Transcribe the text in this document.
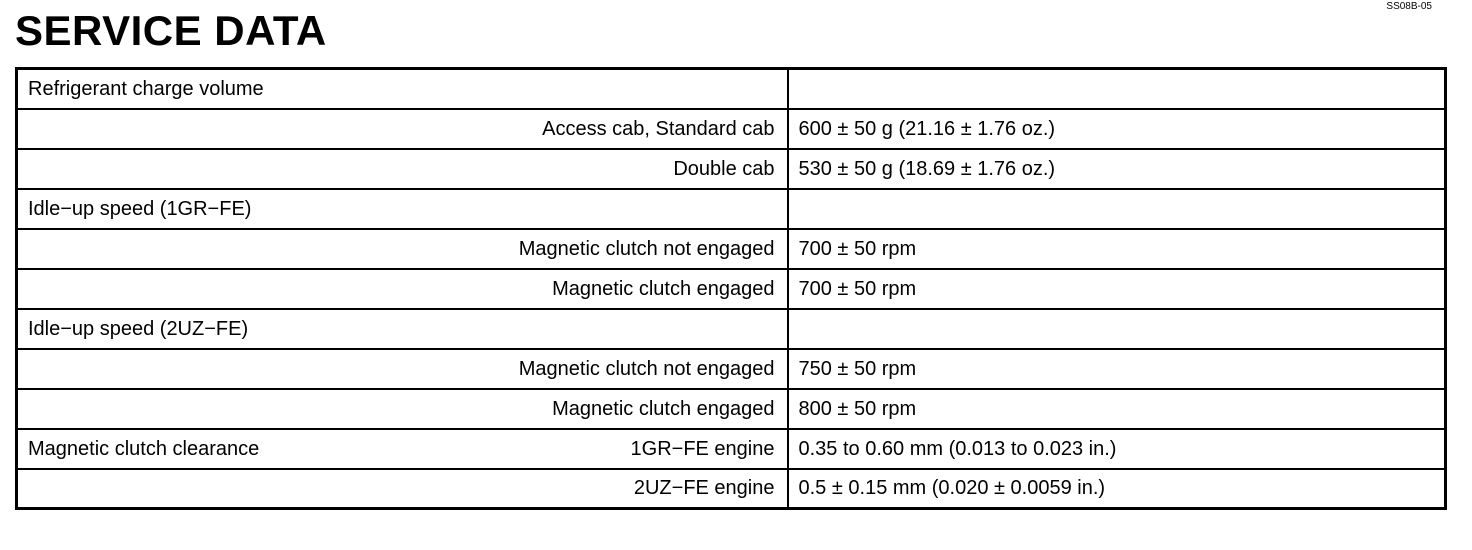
SERVICE DATA
SS08B-05
Refrigerant charge volume	
Access cab, Standard cab	600 ± 50 g (21.16 ± 1.76 oz.)
Double cab	530 ± 50 g (18.69 ± 1.76 oz.)
Idle−up speed (1GR−FE)	
Magnetic clutch not engaged	700 ± 50 rpm
Magnetic clutch engaged	700 ± 50 rpm
Idle−up speed (2UZ−FE)	
Magnetic clutch not engaged	750 ± 50 rpm
Magnetic clutch engaged	800 ± 50 rpm

Magnetic clutch clearance 1GR−FE engine	0.35 to 0.60 mm (0.013 to 0.023 in.)
2UZ−FE engine	0.5 ± 0.15 mm (0.020 ± 0.0059 in.)
